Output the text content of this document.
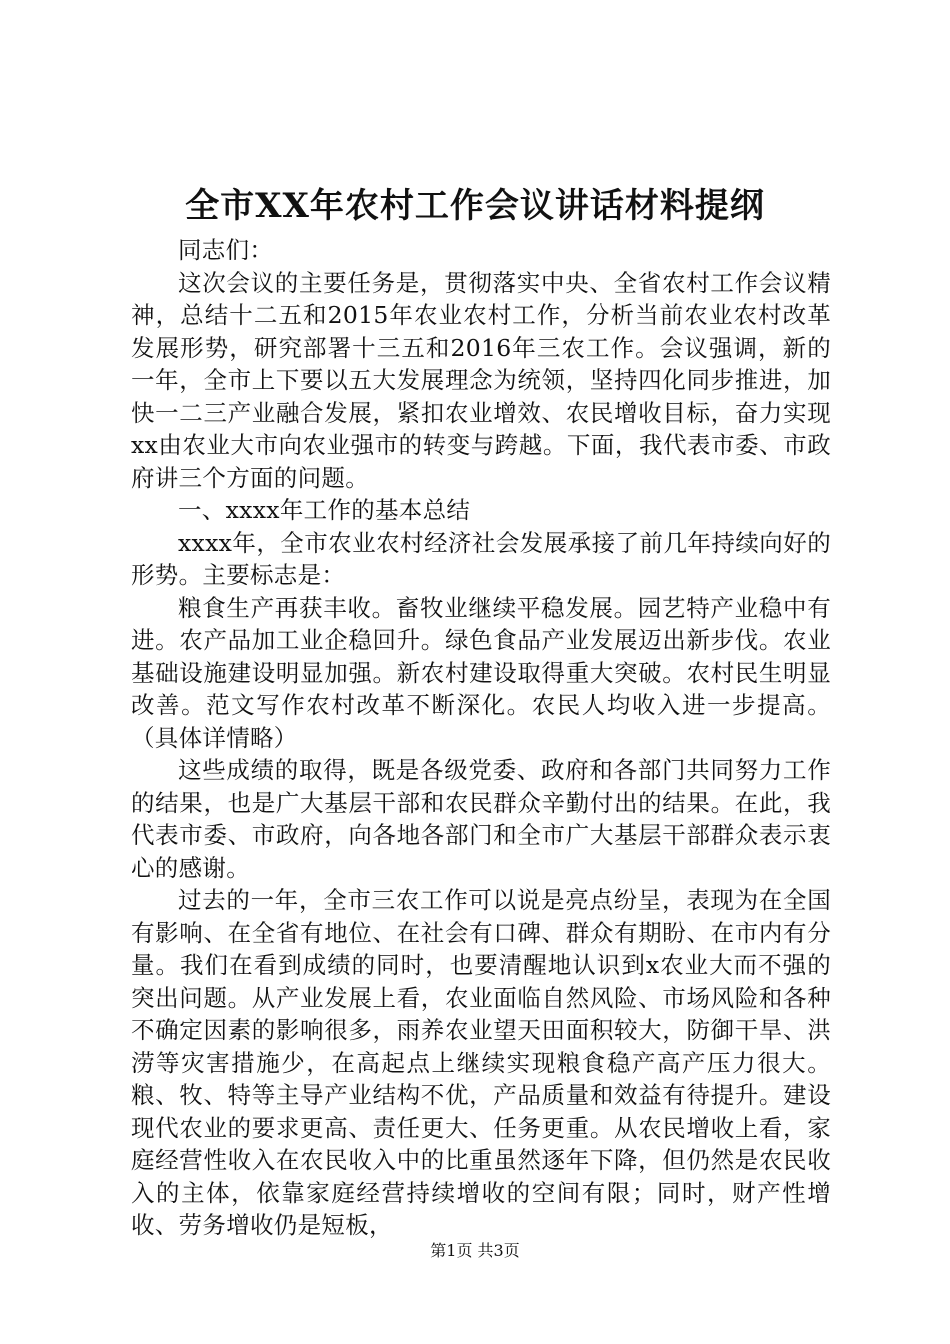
全市XX年农村工作会议讲话材料提纲

同志们：

这次会议的主要任务是，贯彻落实中央、全省农村工作会议精神，总结十二五和2015年农业农村工作，分析当前农业农村改革发展形势，研究部署十三五和2016年三农工作。会议强调，新的一年，全市上下要以五大发展理念为统领，坚持四化同步推进，加快一二三产业融合发展，紧扣农业增效、农民增收目标，奋力实现xx由农业大市向农业强市的转变与跨越。下面，我代表市委、市政府讲三个方面的问题。

一、xxxx年工作的基本总结

xxxx年，全市农业农村经济社会发展承接了前几年持续向好的形势。主要标志是：

粮食生产再获丰收。畜牧业继续平稳发展。园艺特产业稳中有进。农产品加工业企稳回升。绿色食品产业发展迈出新步伐。农业基础设施建设明显加强。新农村建设取得重大突破。农村民生明显改善。范文写作农村改革不断深化。农民人均收入进一步提高。（具体详情略）

这些成绩的取得，既是各级党委、政府和各部门共同努力工作的结果，也是广大基层干部和农民群众辛勤付出的结果。在此，我代表市委、市政府，向各地各部门和全市广大基层干部群众表示衷心的感谢。

过去的一年，全市三农工作可以说是亮点纷呈，表现为在全国有影响、在全省有地位、在社会有口碑、群众有期盼、在市内有分量。我们在看到成绩的同时，也要清醒地认识到x农业大而不强的突出问题。从产业发展上看，农业面临自然风险、市场风险和各种不确定因素的影响很多，雨养农业望天田面积较大，防御干旱、洪涝等灾害措施少，在高起点上继续实现粮食稳产高产压力很大。粮、牧、特等主导产业结构不优，产品质量和效益有待提升。建设现代农业的要求更高、责任更大、任务更重。从农民增收上看，家庭经营性收入在农民收入中的比重虽然逐年下降，但仍然是农民收入的主体，依靠家庭经营持续增收的空间有限；同时，财产性增收、劳务增收仍是短板，

第1页 共3页
